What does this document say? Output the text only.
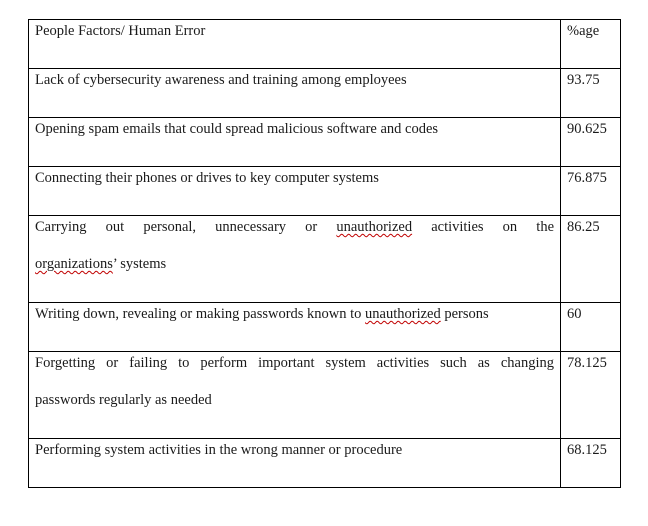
People Factors/ Human Error	%age
Lack of cybersecurity awareness and training among employees	93.75
Opening spam emails that could spread malicious software and codes	90.625
Connecting their phones or drives to key computer systems	76.875

Carrying out personal, unnecessary or unauthorized activities on the
organizations’ systems	86.25
Writing down, revealing or making passwords known to unauthorized persons	60

Forgetting or failing to perform important system activities such as changing
passwords regularly as needed	78.125
Performing system activities in the wrong manner or procedure	68.125
